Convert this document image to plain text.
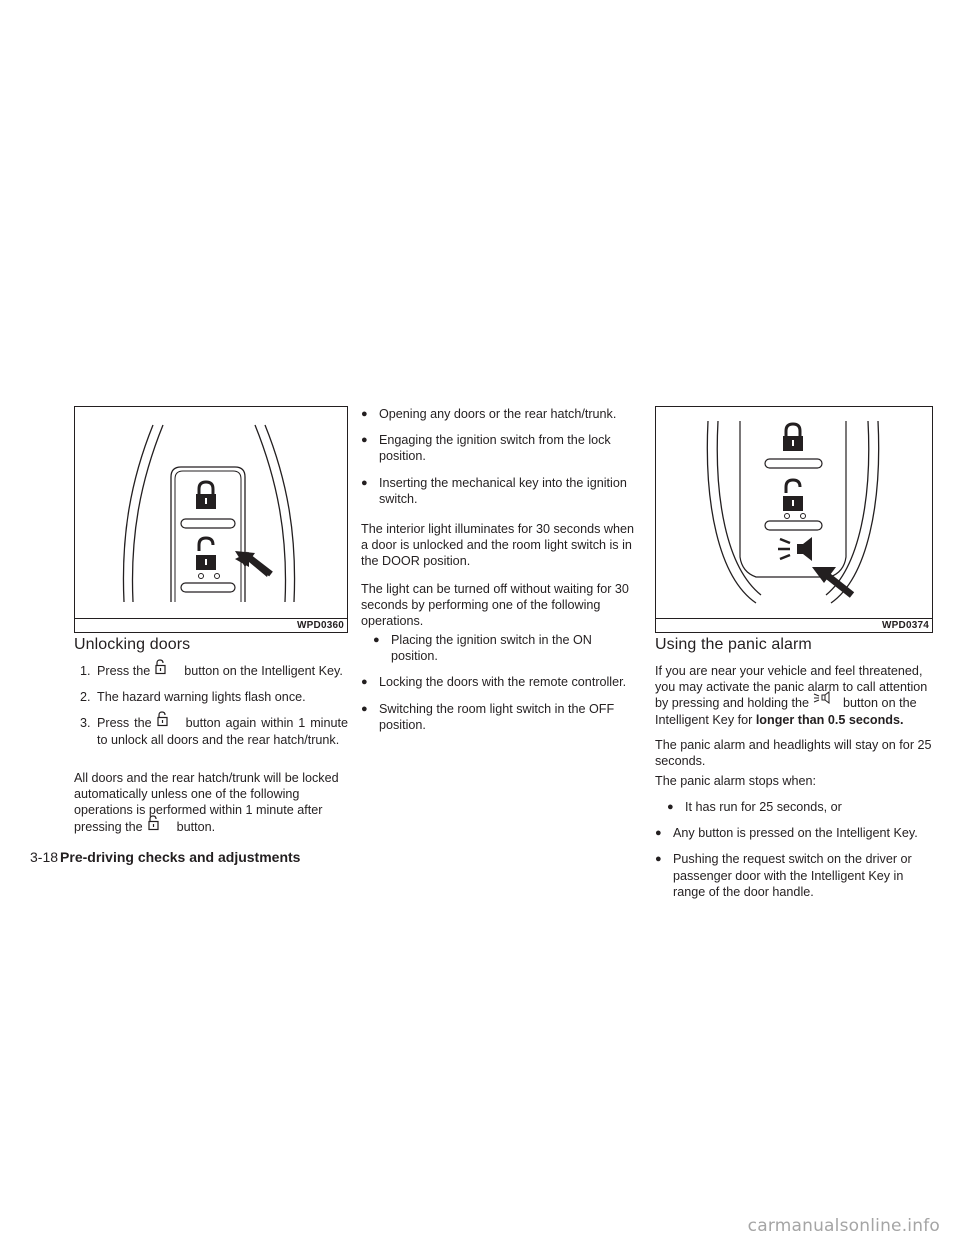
WPD0360
Unlocking doors
1. Press the	button on the Intelligent Key.
2. The hazard warning lights flash once.
3. Press the	button again within 1 minute to unlock all doors and the rear hatch/trunk.

All doors and the rear hatch/trunk will be locked automatically unless one of the following operations is performed within 1 minute after pressing the	button.

● Opening any doors or the rear hatch/trunk.
● Engaging the ignition switch from the lock position.
● Inserting the mechanical key into the ignition switch.

The interior light illuminates for 30 seconds when a door is unlocked and the room light switch is in the DOOR position.

The light can be turned off without waiting for 30 seconds by performing one of the following operations.

● Placing the ignition switch in the ON position.
● Locking the doors with the remote controller.
● Switching the room light switch in the OFF position.
WPD0374
Using the panic alarm

If you are near your vehicle and feel threatened, you may activate the panic alarm to call attention by pressing and holding the	button on the Intelligent Key for longer than 0.5 seconds.

The panic alarm and headlights will stay on for 25 seconds.

The panic alarm stops when:

● It has run for 25 seconds, or
● Any button is pressed on the Intelligent Key.
● Pushing the request switch on the driver or passenger door with the Intelligent Key in range of the door handle.
3-18 Pre-driving checks and adjustments
carmanualsonline.info
